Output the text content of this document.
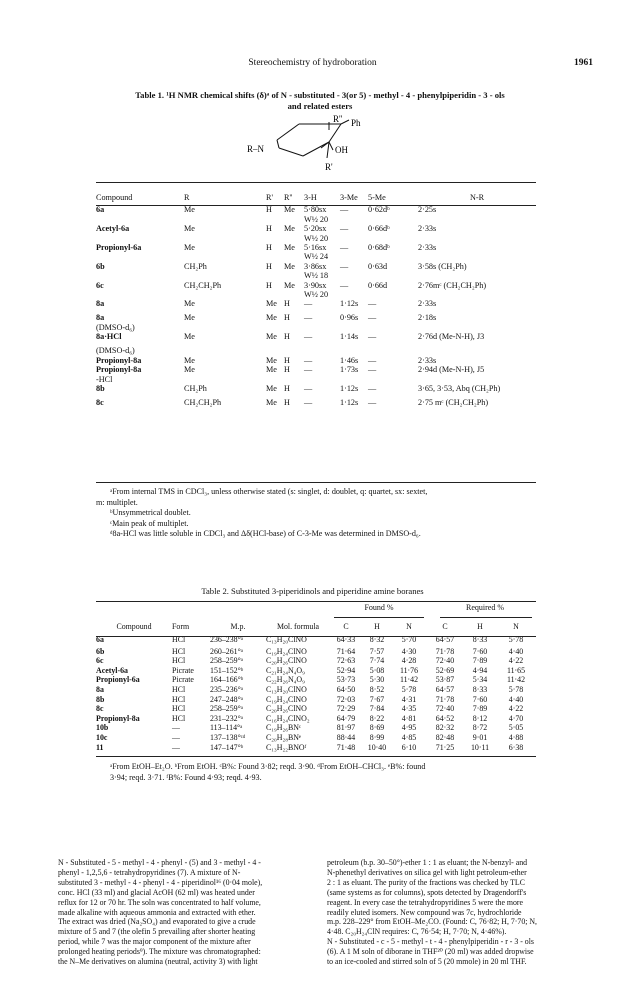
Stereochemistry of hydroboration	1961
Table 1. ¹H NMR chemical shifts (δ)ᵃ of N - substituted - 3(or 5) - methyl - 4 - phenylpiperidin - 3 - ols
and related esters
R'' Ph
R–N	OH
R'
Compound	R	R'	R''	3-H	3-Me	5-Me	N-R
6a	Me	H	Me	5·80sx	—	0·62dᵇ	2·25s
				W½ 20			
Acetyl-6a	Me	H	Me	5·20sx	—	0·66dᵇ	2·33s
				W½ 20			
Propionyl-6a	Me	H	Me	5·16sx	—	0·68dᵇ	2·33s
				W½ 24			
6b	CH₂Ph	H	Me	3·86sx	—	0·63d	3·58s (CH₂Ph)
				W½ 18			
6c	CH₂CH₂Ph	H	Me	3·90sx	—	0·66d	2·76mᶜ (CH₂CH₂Ph)
				W½ 20			
8a	Me	Me	H	—	1·12s	—	2·33s
8a	Me	Me	H	—	0·96s	—	2·18s
(DMSO-d₆)							
8a·HCl	Me	Me	H	—	1·14s	—	2·76d (Me-N-H), J3
(DMSO-d₆)							
Propionyl-8a	Me	Me	H	—	1·46s	—	2·33s
Propionyl-8a	Me	Me	H	—	1·73s	—	2·94d (Me-N-H), J5
-HCl							
8b	CH₂Ph	Me	H	—	1·12s	—	3·65, 3·53, Abq (CH₂Ph)
8c	CH₂CH₂Ph	Me	H	—	1·12s	—	2·75 mᶜ (CH₂CH₂Ph)
ᵃFrom internal TMS in CDCl₃, unless otherwise stated (s: singlet, d: doublet, q: quartet, sx: sextet,
m: multiplet.
ᵇUnsymmetrical doublet.
ᶜMain peak of multiplet.
ᵈ8a-HCl was little soluble in CDCl₃ and Δδ(HCl-base) of C-3-Me was determined in DMSO-d₆.
Table 2. Substituted 3-piperidinols and piperidine amine boranes
Found %	Required %
Compound	Form	M.p.	Mol. formula	C	H	N	C	H	N
6a	HCl	236–238°ᵃ	C₁₃H₂₀ClNO	64·33	8·32	5·70	64·57	8·33	5·78
6b	HCl	260–261°ᵃ	C₁₉H₂₄ClNO	71·64	7·57	4·30	71·78	7·60	4·40
6c	HCl	258–259°ᵃ	C₂₀H₂₆ClNO	72·63	7·74	4·28	72·40	7·89	4·22
Acetyl-6a	Picrate	151–152°ᵇ	C₂₁H₂₄N₄O₉	52·94	5·08	11·76	52·69	4·94	11·65
Propionyl-6a	Picrate	164–166°ᵇ	C₂₂H₂₆N₄O₉	53·73	5·30	11·42	53·87	5·34	11·42
8a	HCl	235–236°ᵃ	C₁₃H₂₀ClNO	64·50	8·52	5·78	64·57	8·33	5·78
8b	HCl	247–248°ᵃ	C₁₉H₂₄ClNO	72·03	7·67	4·31	71·78	7·60	4·40
8c	HCl	258–259°ᵃ	C₂₀H₂₆ClNO	72·29	7·84	4·35	72·40	7·89	4·22
Propionyl-8a	HCl	231–232°ᵃ	C₁₆H₂₄ClNO₂	64·79	8·22	4·81	64·52	8·12	4·70
10b	—	113–114°ᵃ	C₁₉H₂₆BNᶜ	81·97	8·69	4·95	82·32	8·72	5·05
10c	—	137–138°ᶜᵈ	C₂₀H₂₈BNᵉ	88·44	8·99	4·85	82·48	9·01	4·88
11	—	147–147°ᵇ	C₁₃H₂₂BNOᶠ	71·48	10·40	6·10	71·25	10·11	6·38
ᵃFrom EtOH–Et₂O. ᵇFrom EtOH. ᶜB%: Found 3·82; reqd. 3·90. ᵈFrom EtOH–CHCl₃. ᵉB%: found
3·94; reqd. 3·71. ᶠB%: Found 4·93; reqd. 4·93.
N - Substituted - 5 - methyl - 4 - phenyl - (5) and 3 - methyl - 4 -
phenyl - 1,2,5,6 - tetrahydropyridines (7). A mixture of N-
substituted 3 - methyl - 4 - phenyl - 4 - piperidinol¹⁶ (0·04 mole),
conc. HCl (33 ml) and glacial AcOH (62 ml) was heated under
reflux for 12 or 70 hr. The soln was concentrated to half volume,
made alkaline with aqueous ammonia and extracted with ether.
The extract was dried (Na₂SO₄) and evaporated to give a crude
mixture of 5 and 7 (the olefin 5 prevailing after shorter heating
period, while 7 was the major component of the mixture after
prolonged heating periods⁹). The mixture was chromatographed:
the N–Me derivatives on alumina (neutral, activity 3) with light
petroleum (b.p. 30–50°)-ether 1 : 1 as eluant; the N-benzyl- and
N-phenethyl derivatives on silica gel with light petroleum-ether
2 : 1 as eluant. The purity of the fractions was checked by TLC
(same systems as for columns), spots detected by Dragendorff's
reagent. In every case the tetrahydropyridines 5 were the more
readily eluted isomers. New compound was 7c, hydrochloride
m.p. 228–229° from EtOH–Me₂CO. (Found: C, 76·82; H, 7·70; N,
4·48. C₂₀H₂₄ClN requires: C, 76·54; H, 7·70; N, 4·46%).
N - Substituted - c - 5 - methyl - t - 4 - phenylpiperidin - r - 3 - ols
(6). A 1 M soln of diborane in THF²⁰ (20 ml) was added dropwise
to an ice-cooled and stirred soln of 5 (20 mmole) in 20 ml THF.
